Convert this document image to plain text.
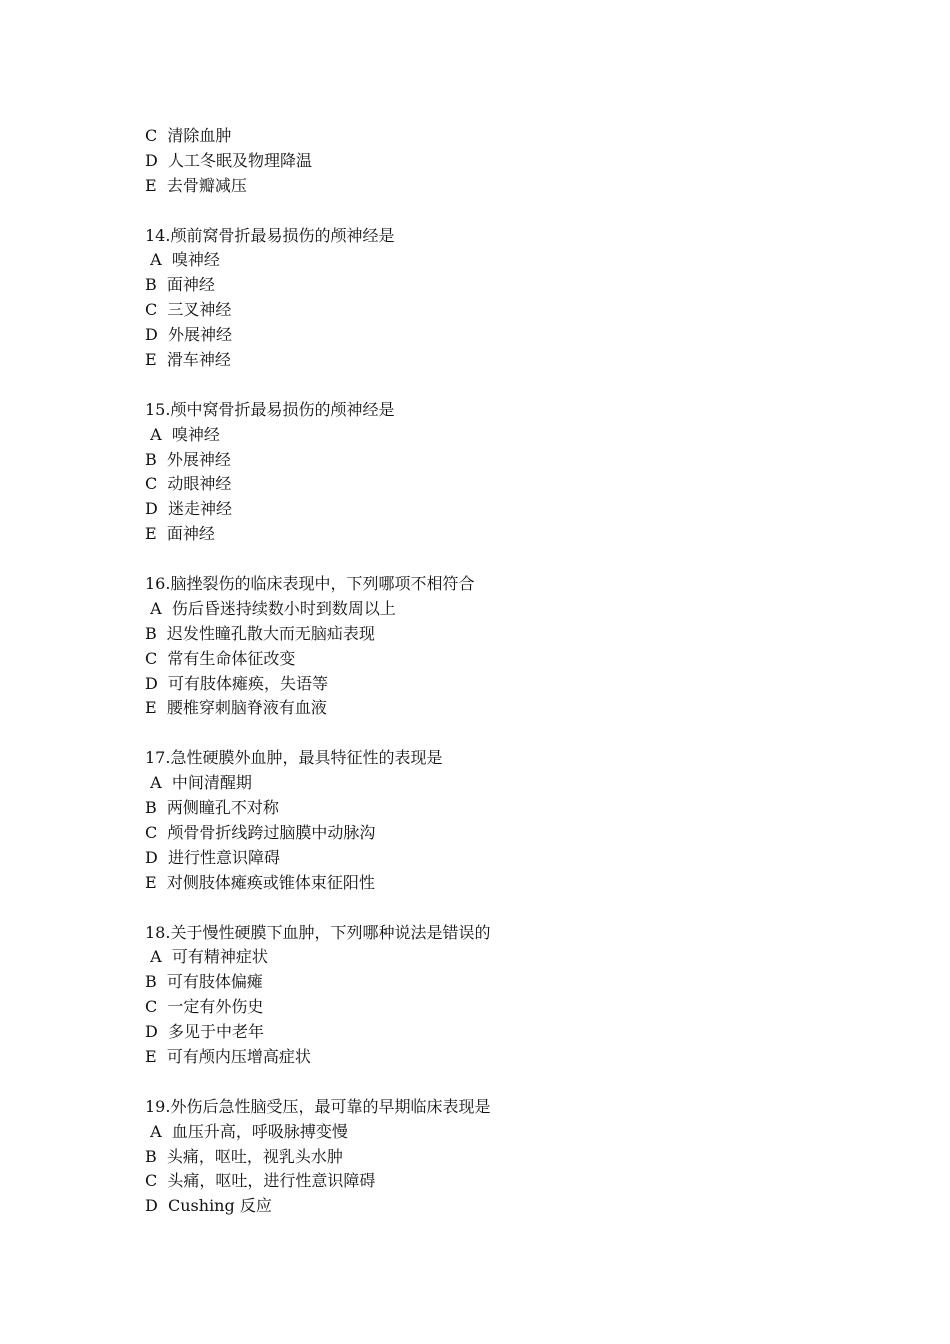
C  清除血肿
D  人工冬眠及物理降温
E  去骨瓣减压
14.颅前窝骨折最易损伤的颅神经是
A  嗅神经
B  面神经
C  三叉神经
D  外展神经
E  滑车神经
15.颅中窝骨折最易损伤的颅神经是
A  嗅神经
B  外展神经
C  动眼神经
D  迷走神经
E  面神经
16.脑挫裂伤的临床表现中，下列哪项不相符合
A  伤后昏迷持续数小时到数周以上
B  迟发性瞳孔散大而无脑疝表现
C  常有生命体征改变
D  可有肢体瘫痪，失语等
E  腰椎穿刺脑脊液有血液
17.急性硬膜外血肿，最具特征性的表现是
A  中间清醒期
B  两侧瞳孔不对称
C  颅骨骨折线跨过脑膜中动脉沟
D  进行性意识障碍
E  对侧肢体瘫痪或锥体束征阳性
18.关于慢性硬膜下血肿，下列哪种说法是错误的
A  可有精神症状
B  可有肢体偏瘫
C  一定有外伤史
D  多见于中老年
E  可有颅内压增高症状
19.外伤后急性脑受压，最可靠的早期临床表现是
A  血压升高，呼吸脉搏变慢
B  头痛，呕吐，视乳头水肿
C  头痛，呕吐，进行性意识障碍
D  Cushing 反应
